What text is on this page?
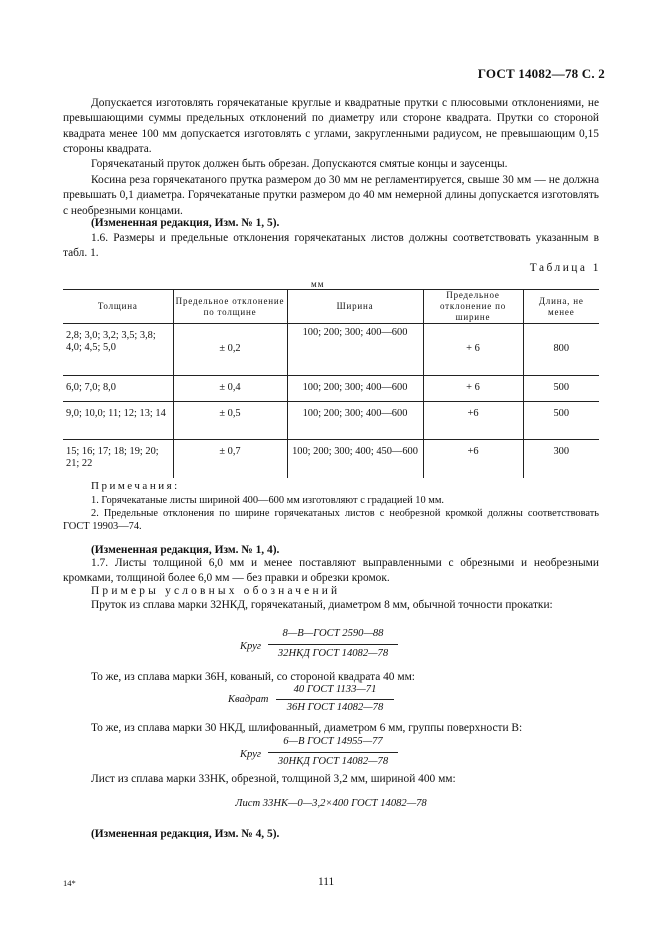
ГОСТ 14082—78 С. 2

Допускается изготовлять горячекатаные круглые и квадратные прутки с плюсовыми отклонениями, не превышающими суммы предельных отклонений по диаметру или стороне квадрата. Прутки со стороной квадрата менее 100 мм допускается изготовлять с углами, закругленными радиусом, не превышающим 0,15 стороны квадрата.

Горячекатаный пруток должен быть обрезан. Допускаются смятые концы и заусенцы.

Косина реза горячекатаного прутка размером до 30 мм не регламентируется, свыше 30 мм — не должна превышать 0,1 диаметра. Горячекатаные прутки размером до 40 мм немерной длины допускается изготовлять с необрезными концами.

(Измененная редакция, Изм. № 1, 5).

1.6. Размеры и предельные отклонения горячекатаных листов должны соответствовать указанным в табл. 1.

Таблица 1
мм
Толщина	Предельное отклонение по толщине	Ширина	Предельное отклонение по ширине	Длина, не менее
2,8; 3,0; 3,2; 3,5; 3,8; 4,0; 4,5; 5,0	± 0,2	100; 200; 300; 400—600	+ 6	800
6,0; 7,0; 8,0	± 0,4	100; 200; 300; 400—600	+ 6	500
9,0; 10,0; 11; 12; 13; 14	± 0,5	100; 200; 300; 400—600	+6	500
15; 16; 17; 18; 19; 20; 21; 22	± 0,7	100; 200; 300; 400; 450—600	+6	300
Примечания:

1. Горячекатаные листы шириной 400—600 мм изготовляют с градацией 10 мм.

2. Предельные отклонения по ширине горячекатаных листов с необрезной кромкой должны соответствовать ГОСТ 19903—74.

(Измененная редакция, Изм. № 1, 4).

1.7. Листы толщиной 6,0 мм и менее поставляют выправленными с обрезными и необрезными кромками, толщиной более 6,0 мм — без правки и обрезки кромок.

Примеры условных обозначений

Пруток из сплава марки 32НКД, горячекатаный, диаметром 8 мм, обычной точности прокатки:

Круг
8—В—ГОСТ 2590—88
32НКД ГОСТ 14082—78

То же, из сплава марки 36Н, кованый, со стороной квадрата 40 мм:

Квадрат
40 ГОСТ 1133—71
36Н ГОСТ 14082—78

То же, из сплава марки 30 НКД, шлифованный, диаметром 6 мм, группы поверхности В:

Круг
6—В ГОСТ 14955—77
30НКД ГОСТ 14082—78

Лист из сплава марки 33НК, обрезной, толщиной 3,2 мм, шириной 400 мм:

Лист 33НК—0—3,2×400 ГОСТ 14082—78

(Измененная редакция, Изм. № 4, 5).

14*	111
